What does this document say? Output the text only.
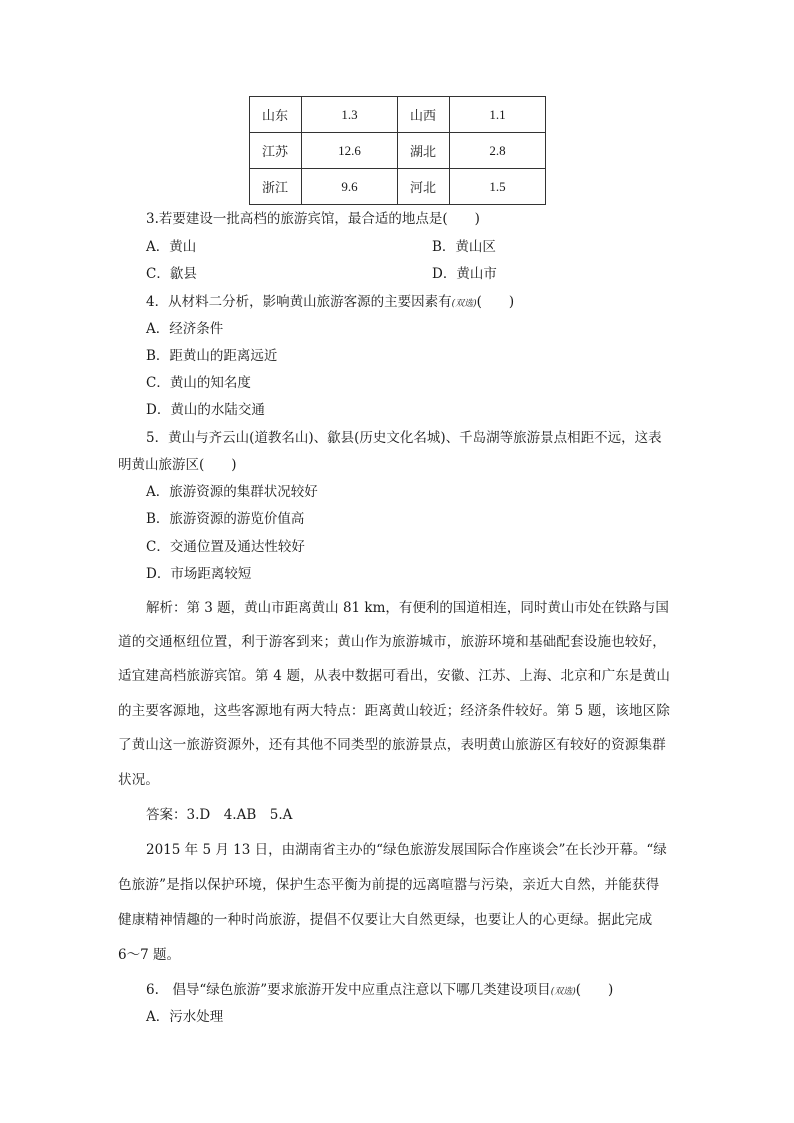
山东	1.3	山西	1.1
江苏	12.6	湖北	2.8
浙江	9.6	河北	1.5
3.若要建设一批高档的旅游宾馆，最合适的地点是(　　)
A．黄山	B．黄山区
C．歙县	D．黄山市
4．从材料二分析，影响黄山旅游客源的主要因素有(双选)(　　)
A．经济条件
B．距黄山的距离远近
C．黄山的知名度
D．黄山的水陆交通
5．黄山与齐云山(道教名山)、歙县(历史文化名城)、千岛湖等旅游景点相距不远，这表
明黄山旅游区(　　)
A．旅游资源的集群状况较好
B．旅游资源的游览价值高
C．交通位置及通达性较好
D．市场距离较短
解析：第 3 题，黄山市距离黄山 81 km，有便利的国道相连，同时黄山市处在铁路与国
道的交通枢纽位置，利于游客到来；黄山作为旅游城市，旅游环境和基础配套设施也较好，
适宜建高档旅游宾馆。第 4 题，从表中数据可看出，安徽、江苏、上海、北京和广东是黄山
的主要客源地，这些客源地有两大特点：距离黄山较近；经济条件较好。第 5 题，该地区除
了黄山这一旅游资源外，还有其他不同类型的旅游景点，表明黄山旅游区有较好的资源集群
状况。
答案：3.D　4.AB　5.A
2015 年 5 月 13 日，由湖南省主办的“绿色旅游发展国际合作座谈会”在长沙开幕。“绿
色旅游”是指以保护环境，保护生态平衡为前提的远离喧嚣与污染，亲近大自然，并能获得
健康精神情趣的一种时尚旅游，提倡不仅要让大自然更绿，也要让人的心更绿。据此完成
6～7 题。
6.　倡导“绿色旅游”要求旅游开发中应重点注意以下哪几类建设项目(双选)(　　)
A．污水处理
